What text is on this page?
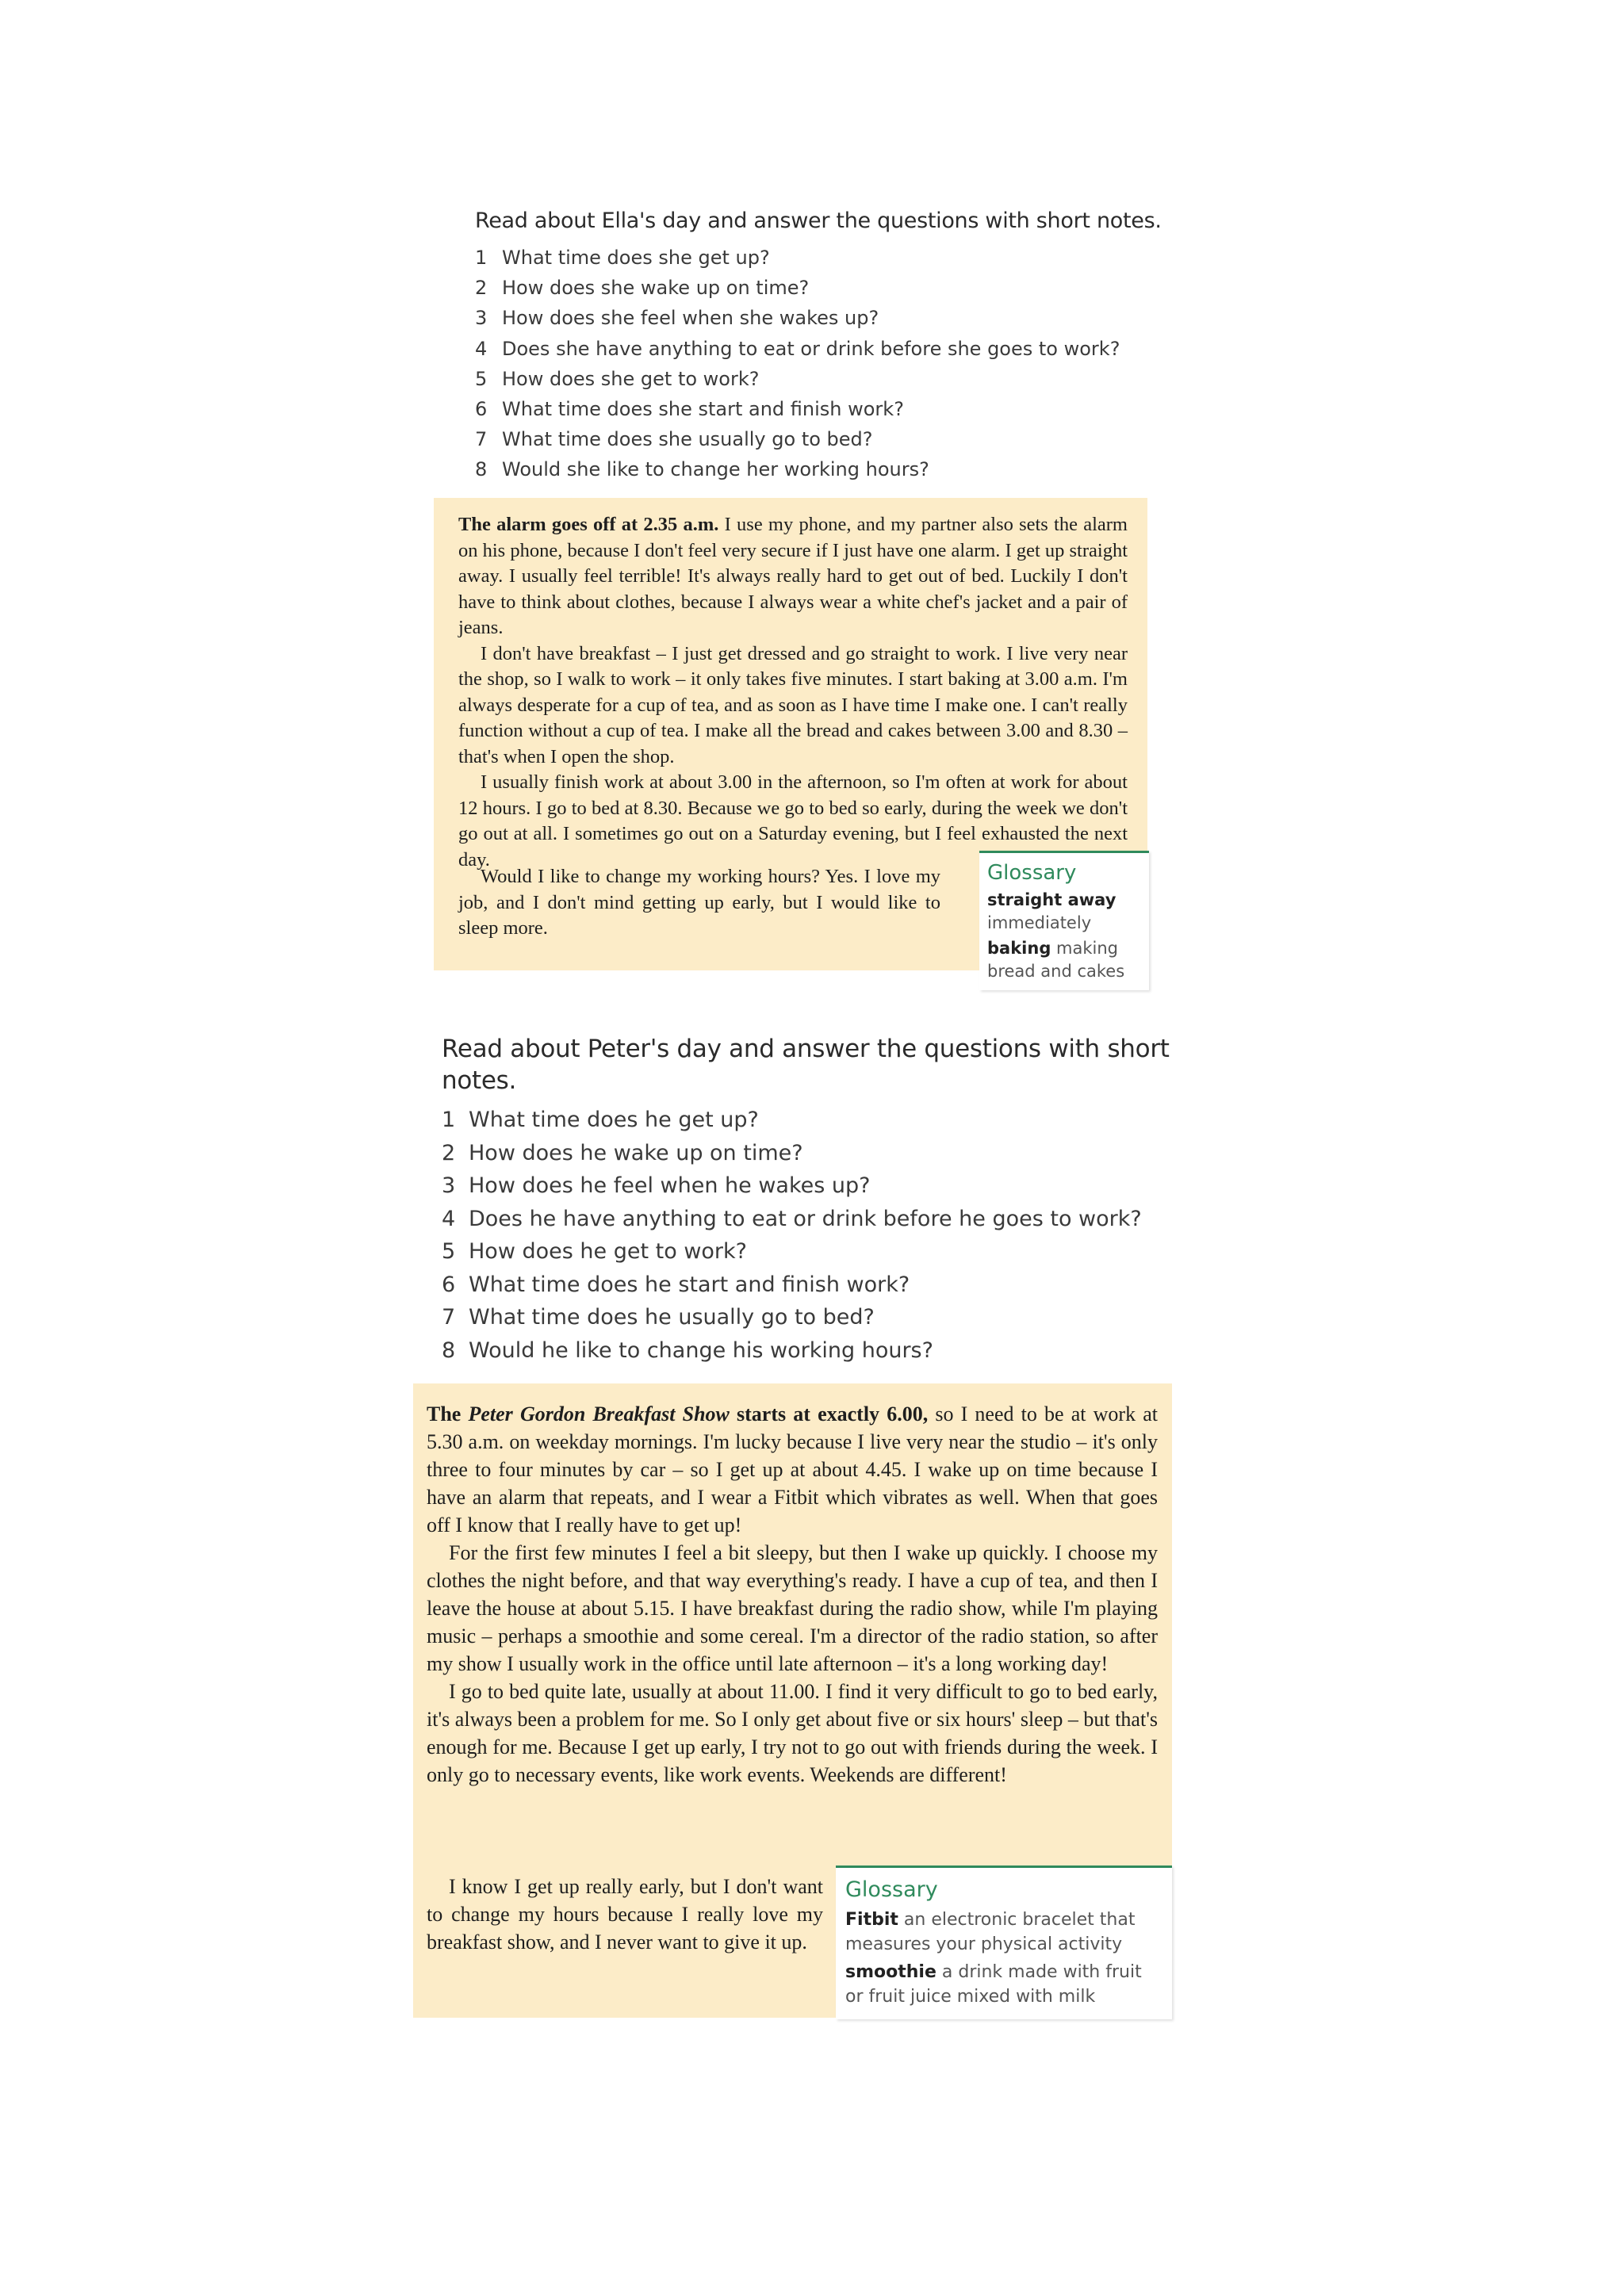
Read about Ella's day and answer the questions with short notes.
1 What time does she get up?
2 How does she wake up on time?
3 How does she feel when she wakes up?
4 Does she have anything to eat or drink before she goes to work?
5 How does she get to work?
6 What time does she start and finish work?
7 What time does she usually go to bed?
8 Would she like to change her working hours?

The alarm goes off at 2.35 a.m. I use my phone, and my partner also sets the alarm on his phone, because I don't feel very secure if I just have one alarm. I get up straight away. I usually feel terrible! It's always really hard to get out of bed. Luckily I don't have to think about clothes, because I always wear a white chef's jacket and a pair of jeans.

I don't have breakfast – I just get dressed and go straight to work. I live very near the shop, so I walk to work – it only takes five minutes. I start baking at 3.00 a.m. I'm always desperate for a cup of tea, and as soon as I have time I make one. I can't really function without a cup of tea. I make all the bread and cakes between 3.00 and 8.30 – that's when I open the shop.

I usually finish work at about 3.00 in the afternoon, so I'm often at work for about 12 hours. I go to bed at 8.30. Because we go to bed so early, during the week we don't go out at all. I sometimes go out on a Saturday evening, but I feel exhausted the next day.

Would I like to change my working hours? Yes. I love my job, and I don't mind getting up early, but I would like to sleep more.

Glossary
straight away immediately
baking making bread and cakes
Read about Peter's day and answer the questions with short notes.
1 What time does he get up?
2 How does he wake up on time?
3 How does he feel when he wakes up?
4 Does he have anything to eat or drink before he goes to work?
5 How does he get to work?
6 What time does he start and finish work?
7 What time does he usually go to bed?
8 Would he like to change his working hours?

The Peter Gordon Breakfast Show starts at exactly 6.00, so I need to be at work at 5.30 a.m. on weekday mornings. I'm lucky because I live very near the studio – it's only three to four minutes by car – so I get up at about 4.45. I wake up on time because I have an alarm that repeats, and I wear a Fitbit which vibrates as well. When that goes off I know that I really have to get up!

For the first few minutes I feel a bit sleepy, but then I wake up quickly. I choose my clothes the night before, and that way everything's ready. I have a cup of tea, and then I leave the house at about 5.15. I have breakfast during the radio show, while I'm playing music – perhaps a smoothie and some cereal. I'm a director of the radio station, so after my show I usually work in the office until late afternoon – it's a long working day!

I go to bed quite late, usually at about 11.00. I find it very difficult to go to bed early, it's always been a problem for me. So I only get about five or six hours' sleep – but that's enough for me. Because I get up early, I try not to go out with friends during the week. I only go to necessary events, like work events. Weekends are different!

I know I get up really early, but I don't want to change my hours because I really love my breakfast show, and I never want to give it up.

Glossary
Fitbit an electronic bracelet that measures your physical activity
smoothie a drink made with fruit or fruit juice mixed with milk
